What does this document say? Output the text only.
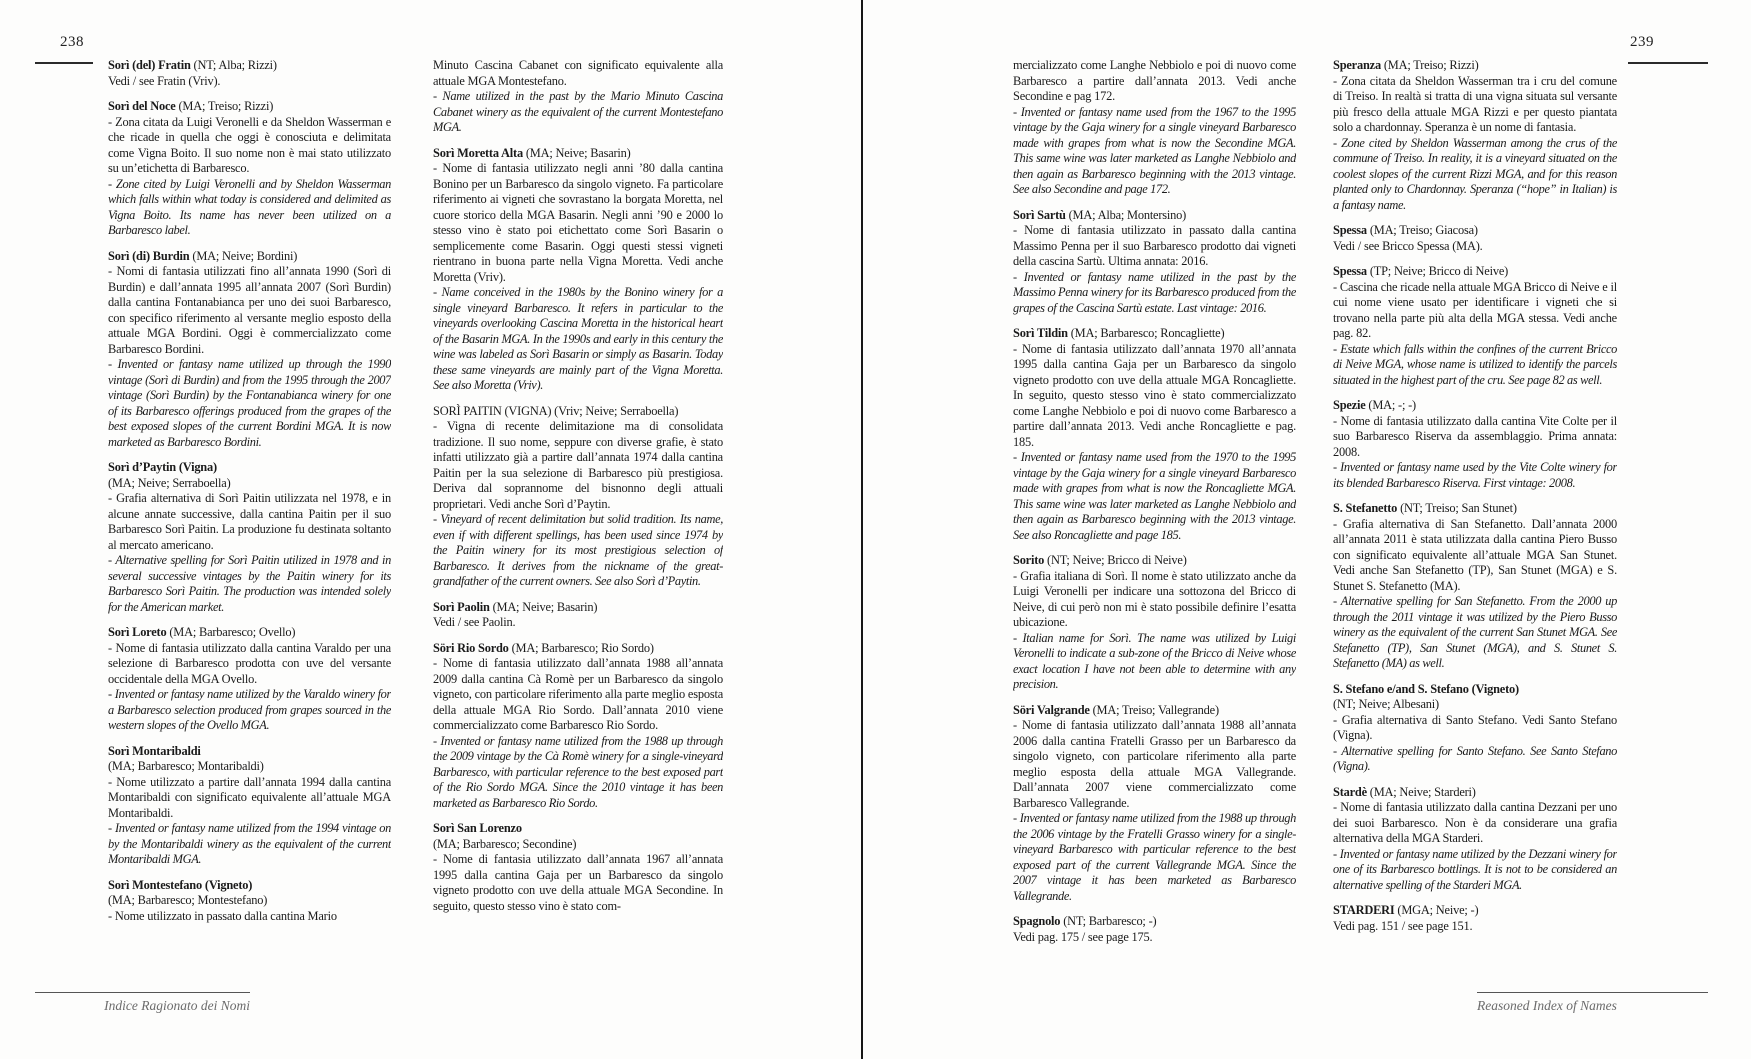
238	239
Sorì (del) Fratin (NT; Alba; Rizzi)

Vedi / see Fratin (Vriv).

Sorì del Noce (MA; Treiso; Rizzi)

- Zona citata da Luigi Veronelli e da Sheldon Wasserman e che ricade in quella che oggi è conosciuta e delimitata come Vigna Boito. Il suo nome non è mai stato utilizzato su un’etichetta di Barbaresco.

- Zone cited by Luigi Veronelli and by Sheldon Wasserman which falls within what today is considered and delimited as Vigna Boito. Its name has never been utilized on a Barbaresco label.

Sorì (di) Burdin (MA; Neive; Bordini)

- Nomi di fantasia utilizzati fino all’annata 1990 (Sorì di Burdin) e dall’annata 1995 all’annata 2007 (Sorì Burdin) dalla cantina Fontanabianca per uno dei suoi Barbaresco, con specifico riferimento al versante meglio esposto della attuale MGA Bordini. Oggi è commercializzato come Barbaresco Bordini.

- Invented or fantasy name utilized up through the 1990 vintage (Sorì di Burdin) and from the 1995 through the 2007 vintage (Sorì Burdin) by the Fontanabianca winery for one of its Barbaresco offerings produced from the grapes of the best exposed slopes of the current Bordini MGA. It is now marketed as Barbaresco Bordini.

Sorì d’Paytin (Vigna)
(MA; Neive; Serraboella)

- Grafia alternativa di Sorì Paitin utilizzata nel 1978, e in alcune annate successive, dalla cantina Paitin per il suo Barbaresco Sorì Paitin. La produzione fu destinata soltanto al mercato americano.

- Alternative spelling for Sorì Paitin utilized in 1978 and in several successive vintages by the Paitin winery for its Barbaresco Sorì Paitin. The production was intended solely for the American market.

Sorì Loreto (MA; Barbaresco; Ovello)

- Nome di fantasia utilizzato dalla cantina Varaldo per una selezione di Barbaresco prodotta con uve del versante occidentale della MGA Ovello.

- Invented or fantasy name utilized by the Varaldo winery for a Barbaresco selection produced from grapes sourced in the western slopes of the Ovello MGA.

Sorì Montaribaldi
(MA; Barbaresco; Montaribaldi)

- Nome utilizzato a partire dall’annata 1994 dalla cantina Montaribaldi con significato equivalente all’attuale MGA Montaribaldi.

- Invented or fantasy name utilized from the 1994 vintage on by the Montaribaldi winery as the equivalent of the current Montaribaldi MGA.

Sorì Montestefano (Vigneto)
(MA; Barbaresco; Montestefano)

- Nome utilizzato in passato dalla cantina Mario

Minuto Cascina Cabanet con significato equivalente alla attuale MGA Montestefano.

- Name utilized in the past by the Mario Minuto Cascina Cabanet winery as the equivalent of the current Montestefano MGA.

Sorì Moretta Alta (MA; Neive; Basarin)

- Nome di fantasia utilizzato negli anni ’80 dalla cantina Bonino per un Barbaresco da singolo vigneto. Fa particolare riferimento ai vigneti che sovrastano la borgata Moretta, nel cuore storico della MGA Basarin. Negli anni ’90 e 2000 lo stesso vino è stato poi etichettato come Sorì Basarin o semplicemente come Basarin. Oggi questi stessi vigneti rientrano in buona parte nella Vigna Moretta. Vedi anche Moretta (Vriv).

- Name conceived in the 1980s by the Bonino winery for a single vineyard Barbaresco. It refers in particular to the vineyards overlooking Cascina Moretta in the historical heart of the Basarin MGA. In the 1990s and early in this century the wine was labeled as Sorì Basarin or simply as Basarin. Today these same vineyards are mainly part of the Vigna Moretta. See also Moretta (Vriv).

SORÌ PAITIN (VIGNA) (Vriv; Neive; Serraboella)

- Vigna di recente delimitazione ma di consolidata tradizione. Il suo nome, seppure con diverse grafie, è stato infatti utilizzato già a partire dall’annata 1974 dalla cantina Paitin per la sua selezione di Barbaresco più prestigiosa. Deriva dal soprannome del bisnonno degli attuali proprietari. Vedi anche Sorì d’Paytin.

- Vineyard of recent delimitation but solid tradition. Its name, even if with different spellings, has been used since 1974 by the Paitin winery for its most prestigious selection of Barbaresco. It derives from the nickname of the great-grandfather of the current owners. See also Sorì d’Paytin.

Sorì Paolin (MA; Neive; Basarin)

Vedi / see Paolin.

Söri Rio Sordo (MA; Barbaresco; Rio Sordo)

- Nome di fantasia utilizzato dall’annata 1988 all’annata 2009 dalla cantina Cà Romè per un Barbaresco da singolo vigneto, con particolare riferimento alla parte meglio esposta della attuale MGA Rio Sordo. Dall’annata 2010 viene commercializzato come Barbaresco Rio Sordo.

- Invented or fantasy name utilized from the 1988 up through the 2009 vintage by the Cà Romè winery for a single-vineyard Barbaresco, with particular reference to the best exposed part of the Rio Sordo MGA. Since the 2010 vintage it has been marketed as Barbaresco Rio Sordo.

Sorì San Lorenzo
(MA; Barbaresco; Secondine)

- Nome di fantasia utilizzato dall’annata 1967 all’annata 1995 dalla cantina Gaja per un Barbaresco da singolo vigneto prodotto con uve della attuale MGA Secondine. In seguito, questo stesso vino è stato com-

mercializzato come Langhe Nebbiolo e poi di nuovo come Barbaresco a partire dall’annata 2013. Vedi anche Secondine e pag 172.

- Invented or fantasy name used from the 1967 to the 1995 vintage by the Gaja winery for a single vineyard Barbaresco made with grapes from what is now the Secondine MGA. This same wine was later marketed as Langhe Nebbiolo and then again as Barbaresco beginning with the 2013 vintage. See also Secondine and page 172.

Sorì Sartù (MA; Alba; Montersino)

- Nome di fantasia utilizzato in passato dalla cantina Massimo Penna per il suo Barbaresco prodotto dai vigneti della cascina Sartù. Ultima annata: 2016.

- Invented or fantasy name utilized in the past by the Massimo Penna winery for its Barbaresco produced from the grapes of the Cascina Sartù estate. Last vintage: 2016.

Sorì Tildin (MA; Barbaresco; Roncagliette)

- Nome di fantasia utilizzato dall’annata 1970 all’annata 1995 dalla cantina Gaja per un Barbaresco da singolo vigneto prodotto con uve della attuale MGA Roncagliette. In seguito, questo stesso vino è stato commercializzato come Langhe Nebbiolo e poi di nuovo come Barbaresco a partire dall’annata 2013. Vedi anche Roncagliette e pag. 185.

- Invented or fantasy name used from the 1970 to the 1995 vintage by the Gaja winery for a single vineyard Barbaresco made with grapes from what is now the Roncagliette MGA. This same wine was later marketed as Langhe Nebbiolo and then again as Barbaresco beginning with the 2013 vintage. See also Roncagliette and page 185.

Sorito (NT; Neive; Bricco di Neive)

- Grafia italiana di Sorì. Il nome è stato utilizzato anche da Luigi Veronelli per indicare una sottozona del Bricco di Neive, di cui però non mi è stato possibile definire l’esatta ubicazione.

- Italian name for Sorì. The name was utilized by Luigi Veronelli to indicate a sub-zone of the Bricco di Neive whose exact location I have not been able to determine with any precision.

Söri Valgrande (MA; Treiso; Vallegrande)

- Nome di fantasia utilizzato dall’annata 1988 all’annata 2006 dalla cantina Fratelli Grasso per un Barbaresco da singolo vigneto, con particolare riferimento alla parte meglio esposta della attuale MGA Vallegrande. Dall’annata 2007 viene commercializzato come Barbaresco Vallegrande.

- Invented or fantasy name utilized from the 1988 up through the 2006 vintage by the Fratelli Grasso winery for a single-vineyard Barbaresco with particular reference to the best exposed part of the current Vallegrande MGA. Since the 2007 vintage it has been marketed as Barbaresco Vallegrande.

Spagnolo (NT; Barbaresco; -)

Vedi pag. 175 / see page 175.

Speranza (MA; Treiso; Rizzi)

- Zona citata da Sheldon Wasserman tra i cru del comune di Treiso. In realtà si tratta di una vigna situata sul versante più fresco della attuale MGA Rizzi e per questo piantata solo a chardonnay. Speranza è un nome di fantasia.

- Zone cited by Sheldon Wasserman among the crus of the commune of Treiso. In reality, it is a vineyard situated on the coolest slopes of the current Rizzi MGA, and for this reason planted only to Chardonnay. Speranza (“hope” in Italian) is a fantasy name.

Spessa (MA; Treiso; Giacosa)

Vedi / see Bricco Spessa (MA).

Spessa (TP; Neive; Bricco di Neive)

- Cascina che ricade nella attuale MGA Bricco di Neive e il cui nome viene usato per identificare i vigneti che si trovano nella parte più alta della MGA stessa. Vedi anche pag. 82.

- Estate which falls within the confines of the current Bricco di Neive MGA, whose name is utilized to identify the parcels situated in the highest part of the cru. See page 82 as well.

Spezie (MA; -; -)

- Nome di fantasia utilizzato dalla cantina Vite Colte per il suo Barbaresco Riserva da assemblaggio. Prima annata: 2008.

- Invented or fantasy name used by the Vite Colte winery for its blended Barbaresco Riserva. First vintage: 2008.

S. Stefanetto (NT; Treiso; San Stunet)

- Grafia alternativa di San Stefanetto. Dall’annata 2000 all’annata 2011 è stata utilizzata dalla cantina Piero Busso con significato equivalente all’attuale MGA San Stunet. Vedi anche San Stefanetto (TP), San Stunet (MGA) e S. Stunet S. Stefanetto (MA).

- Alternative spelling for San Stefanetto. From the 2000 up through the 2011 vintage it was utilized by the Piero Busso winery as the equivalent of the current San Stunet MGA. See Stefanetto (TP), San Stunet (MGA), and S. Stunet S. Stefanetto (MA) as well.

S. Stefano e/and S. Stefano (Vigneto)
(NT; Neive; Albesani)

- Grafia alternativa di Santo Stefano. Vedi Santo Stefano (Vigna).

- Alternative spelling for Santo Stefano. See Santo Stefano (Vigna).

Stardè (MA; Neive; Starderi)

- Nome di fantasia utilizzato dalla cantina Dezzani per uno dei suoi Barbaresco. Non è da considerare una grafia alternativa della MGA Starderi.

- Invented or fantasy name utilized by the Dezzani winery for one of its Barbaresco bottlings. It is not to be considered an alternative spelling of the Starderi MGA.

STARDERI (MGA; Neive; -)

Vedi pag. 151 / see page 151.

Indice Ragionato dei Nomi	Reasoned Index of Names
